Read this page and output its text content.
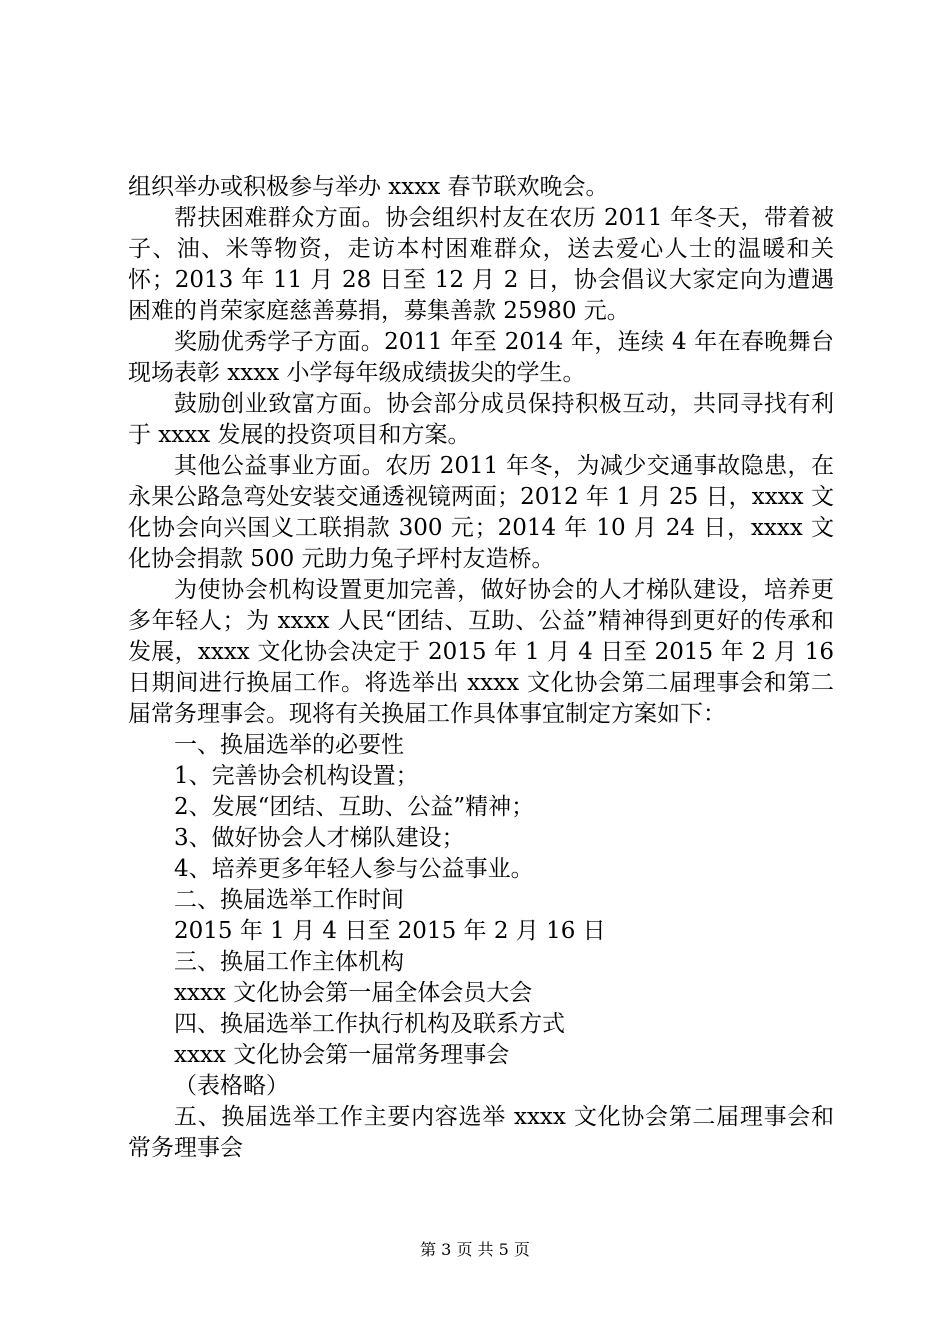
组织举办或积极参与举办 xxxx 春节联欢晚会。

帮扶困难群众方面。协会组织村友在农历 2011 年冬天，带着被子、油、米等物资，走访本村困难群众，送去爱心人士的温暖和关怀；2013 年 11 月 28 日至 12 月 2 日，协会倡议大家定向为遭遇困难的肖荣家庭慈善募捐，募集善款 25980 元。

奖励优秀学子方面。2011 年至 2014 年，连续 4 年在春晚舞台现场表彰 xxxx 小学每年级成绩拔尖的学生。

鼓励创业致富方面。协会部分成员保持积极互动，共同寻找有利于 xxxx 发展的投资项目和方案。

其他公益事业方面。农历 2011 年冬，为减少交通事故隐患，在永果公路急弯处安装交通透视镜两面；2012 年 1 月 25 日，xxxx 文化协会向兴国义工联捐款 300 元；2014 年 10 月 24 日，xxxx 文化协会捐款 500 元助力兔子坪村友造桥。

为使协会机构设置更加完善，做好协会的人才梯队建设，培养更多年轻人；为 xxxx 人民“团结、互助、公益”精神得到更好的传承和发展，xxxx 文化协会决定于 2015 年 1 月 4 日至 2015 年 2 月 16 日期间进行换届工作。将选举出 xxxx 文化协会第二届理事会和第二届常务理事会。现将有关换届工作具体事宜制定方案如下：

一、换届选举的必要性

1、完善协会机构设置；

2、发展“团结、互助、公益”精神；

3、做好协会人才梯队建设；

4、培养更多年轻人参与公益事业。

二、换届选举工作时间

2015 年 1 月 4 日至 2015 年 2 月 16 日

三、换届工作主体机构

xxxx 文化协会第一届全体会员大会

四、换届选举工作执行机构及联系方式

xxxx 文化协会第一届常务理事会

（表格略）

五、换届选举工作主要内容选举 xxxx 文化协会第二届理事会和常务理事会

第 3 页 共 5 页
